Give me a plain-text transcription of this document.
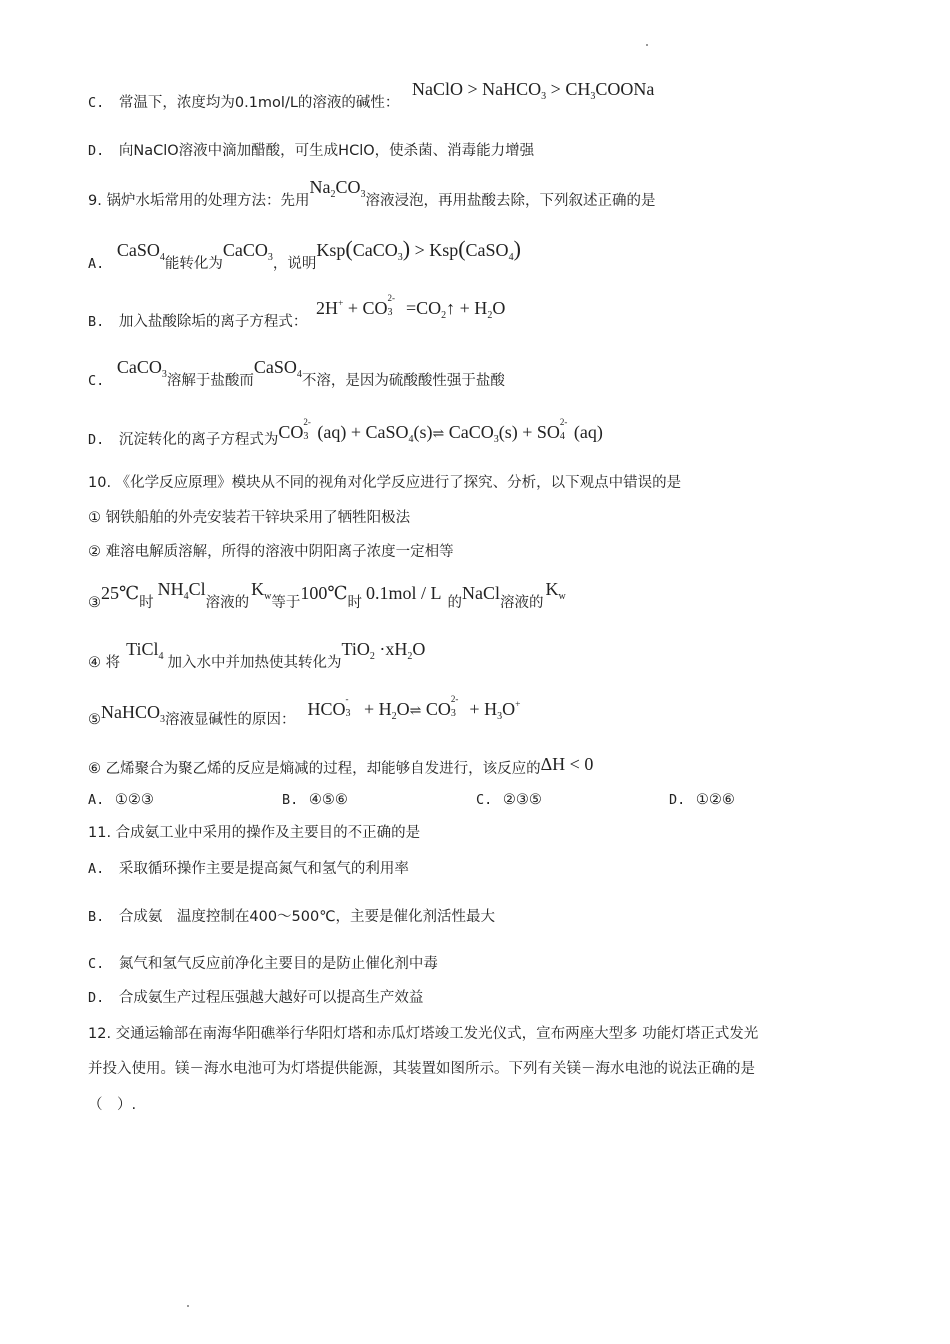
C. 常温下，浓度均为0.1mol/L的溶液的碱性： NaClO > NaHCO$_3$ > $CH_3COONa$
D. 向NaClO溶液中滴加醋酸，可生成HClO，使杀菌、消毒能力增强
9. 锅炉水垢常用的处理方法：先用$Na_2CO_3$溶液浸泡，再用盐酸去除，下列叙述正确的是
A. CaSO$_4$能转化为CaCO$_3$，说明Ksp(CaCO$_3$) > Ksp(CaSO$_4$)
B. 加入盐酸除垢的离子方程式： 2H+ + CO 2-
$3 =CO_2↑ + H_2O$
C. CaCO$_3$溶解于盐酸而CaSO$_4$不溶，是因为硫酸酸性强于盐酸
D. 沉淀转化的离子方程式为CO 2-
3 (aq) + CaSO$_4$(s)⇌ CaCO$_3$(s) + SO 2-
4 (aq)
10. 《化学反应原理》模块从不同的视角对化学反应进行了探究、分析，以下观点中错误的是
① 钢铁船舶的外壳安装若干锌块采用了牺牲阳极法
② 难溶电解质溶解，所得的溶液中阴阳离子浓度一定相等
③25℃时$NH_4Cl$溶液的$K_w$等于100℃时 0.1mol / L 的NaCl溶液的$K_w$
④ 将TiCl$_4$ 加入水中并加热使其转化为$TiO_2 \cdot xH_2O$
⑤NaHCO$_3$溶液显碱性的原因：HCO -
$3 + H_2O\rightleftharpoons$ CO 2-
$3 + H_3O^+$
⑥ 乙烯聚合为聚乙烯的反应是熵减的过程，却能够自发进行，该反应的ΔH < 0
A. ①②③	B. ④⑤⑥	C. ②③⑤	D. ①②⑥
11. 合成氨工业中采用的操作及主要目的不正确的是
A. 采取循环操作主要是提高氮气和氢气的利用率
B. 合成氨　温度控制在400～500℃，主要是催化剂活性最大
C. 氮气和氢气反应前净化主要目的是防止催化剂中毒
D. 合成氨生产过程压强越大越好可以提高生产效益
12. 交通运输部在南海华阳礁举行华阳灯塔和赤瓜灯塔竣工发光仪式，宣布两座大型多 功能灯塔正式发光
并投入使用。镁－海水电池可为灯塔提供能源，其装置如图所示。下列有关镁－海水电池的说法正确的是
（　）.
